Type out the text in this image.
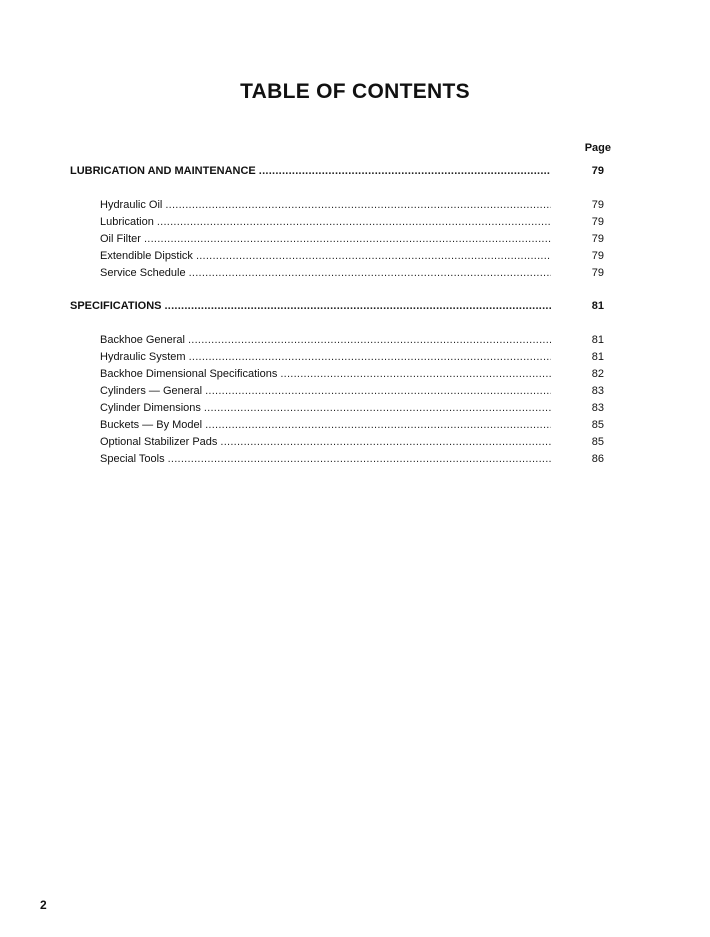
TABLE OF CONTENTS
Page
LUBRICATION AND MAINTENANCE . . .	79
Hydraulic Oil . . .	79
Lubrication . . .	79
Oil Filter . . .	79
Extendible Dipstick . . .	79
Service Schedule . . .	79
SPECIFICATIONS . . .	81
Backhoe General . . .	81
Hydraulic System . . .	81
Backhoe Dimensional Specifications . . .	82
Cylinders — General . . .	83
Cylinder Dimensions . . .	83
Buckets — By Model . . .	85
Optional Stabilizer Pads . . .	85
Special Tools . . .	86
2
